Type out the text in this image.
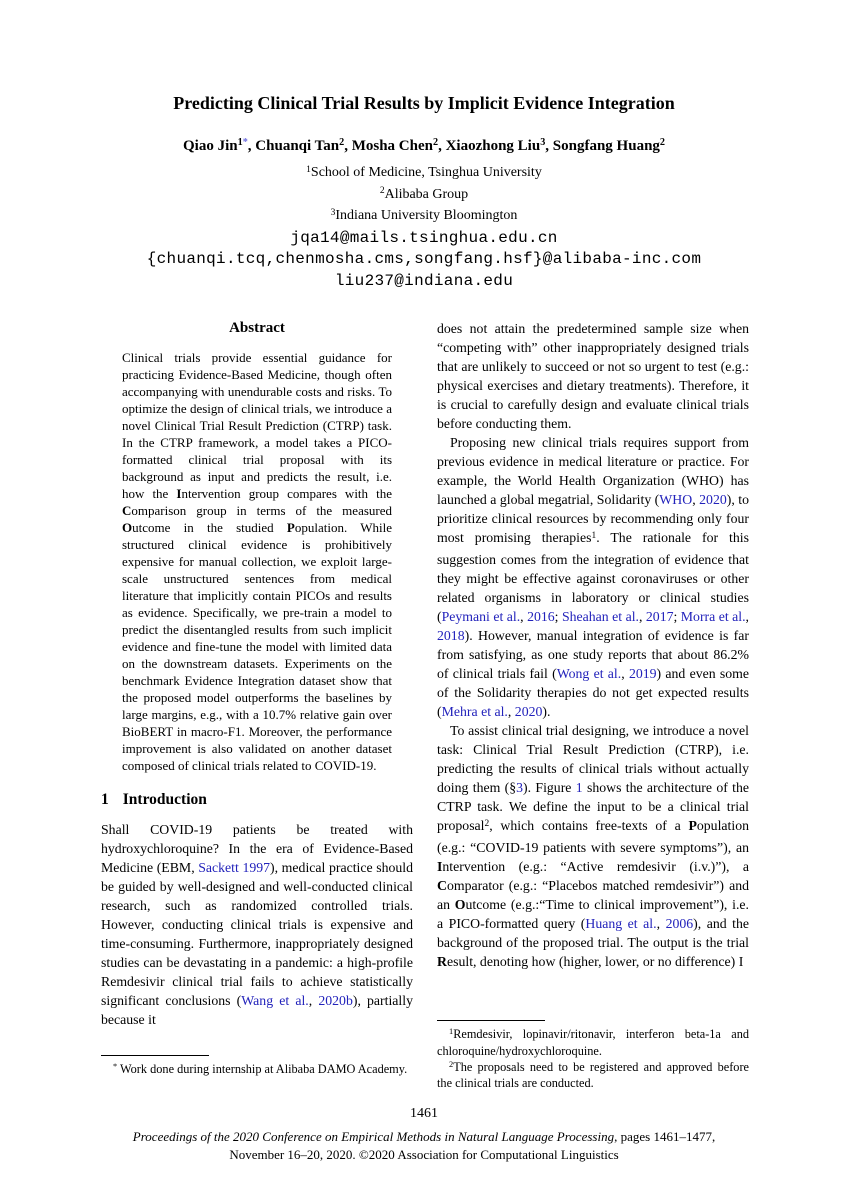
Predicting Clinical Trial Results by Implicit Evidence Integration
Qiao Jin$^{1*}$, Chuanqi Tan$^2$, Mosha Chen$^2$, Xiaozhong Liu$^3$, Songfang Huang$^2$
$^1$School of Medicine, Tsinghua University
$^2$Alibaba Group
$^3$Indiana University Bloomington
jqa14@mails.tsinghua.edu.cn
{chuanqi.tcq,chenmosha.cms,songfang.hsf}@alibaba-inc.com
liu237@indiana.edu
Abstract

Clinical trials provide essential guidance for practicing Evidence-Based Medicine, though often accompanying with unendurable costs and risks. To optimize the design of clinical trials, we introduce a novel Clinical Trial Result Prediction (CTRP) task. In the CTRP framework, a model takes a PICO-formatted clinical trial proposal with its background as input and predicts the result, i.e. how the Intervention group compares with the Comparison group in terms of the measured Outcome in the studied Population. While structured clinical evidence is prohibitively expensive for manual collection, we exploit large-scale unstructured sentences from medical literature that implicitly contain PICOs and results as evidence. Specifically, we pre-train a model to predict the disentangled results from such implicit evidence and fine-tune the model with limited data on the downstream datasets. Experiments on the benchmark Evidence Integration dataset show that the proposed model outperforms the baselines by large margins, e.g., with a 10.7% relative gain over BioBERT in macro-F1. Moreover, the performance improvement is also validated on another dataset composed of clinical trials related to COVID-19.

1 Introduction

Shall COVID-19 patients be treated with hydroxychloroquine? In the era of Evidence-Based Medicine (EBM, Sackett 1997), medical practice should be guided by well-designed and well-conducted clinical research, such as randomized controlled trials. However, conducting clinical trials is expensive and time-consuming. Furthermore, inappropriately designed studies can be devastating in a pandemic: a high-profile Remdesivir clinical trial fails to achieve statistically significant conclusions (Wang et al., 2020b), partially because it

does not attain the predetermined sample size when “competing with” other inappropriately designed trials that are unlikely to succeed or not so urgent to test (e.g.: physical exercises and dietary treatments). Therefore, it is crucial to carefully design and evaluate clinical trials before conducting them.

Proposing new clinical trials requires support from previous evidence in medical literature or practice. For example, the World Health Organization (WHO) has launched a global megatrial, Solidarity (WHO, 2020), to prioritize clinical resources by recommending only four most promising therapies$^1$. The rationale for this suggestion comes from the integration of evidence that they might be effective against coronaviruses or other related organisms in laboratory or clinical studies (Peymani et al., 2016; Sheahan et al., 2017; Morra et al., 2018). However, manual integration of evidence is far from satisfying, as one study reports that about 86.2% of clinical trials fail (Wong et al., 2019) and even some of the Solidarity therapies do not get expected results (Mehra et al., 2020).

To assist clinical trial designing, we introduce a novel task: Clinical Trial Result Prediction (CTRP), i.e. predicting the results of clinical trials without actually doing them (§3). Figure 1 shows the architecture of the CTRP task. We define the input to be a clinical trial proposal$^2$, which contains free-texts of a Population (e.g.: “COVID-19 patients with severe symptoms”), an Intervention (e.g.: “Active remdesivir (i.v.)”), a Comparator (e.g.: “Placebos matched remdesivir”) and an Outcome (e.g.:“Time to clinical improvement”), i.e. a PICO-formatted query (Huang et al., 2006), and the background of the proposed trial. The output is the trial Result, denoting how (higher, lower, or no difference) I

* Work done during internship at Alibaba DAMO Academy.

$^1$Remdesivir, lopinavir/ritonavir, interferon beta-1a and chloroquine/hydroxychloroquine.

$^2$The proposals need to be registered and approved before the clinical trials are conducted.

1461
Proceedings of the 2020 Conference on Empirical Methods in Natural Language Processing, pages 1461–1477,
November 16–20, 2020. ©2020 Association for Computational Linguistics
